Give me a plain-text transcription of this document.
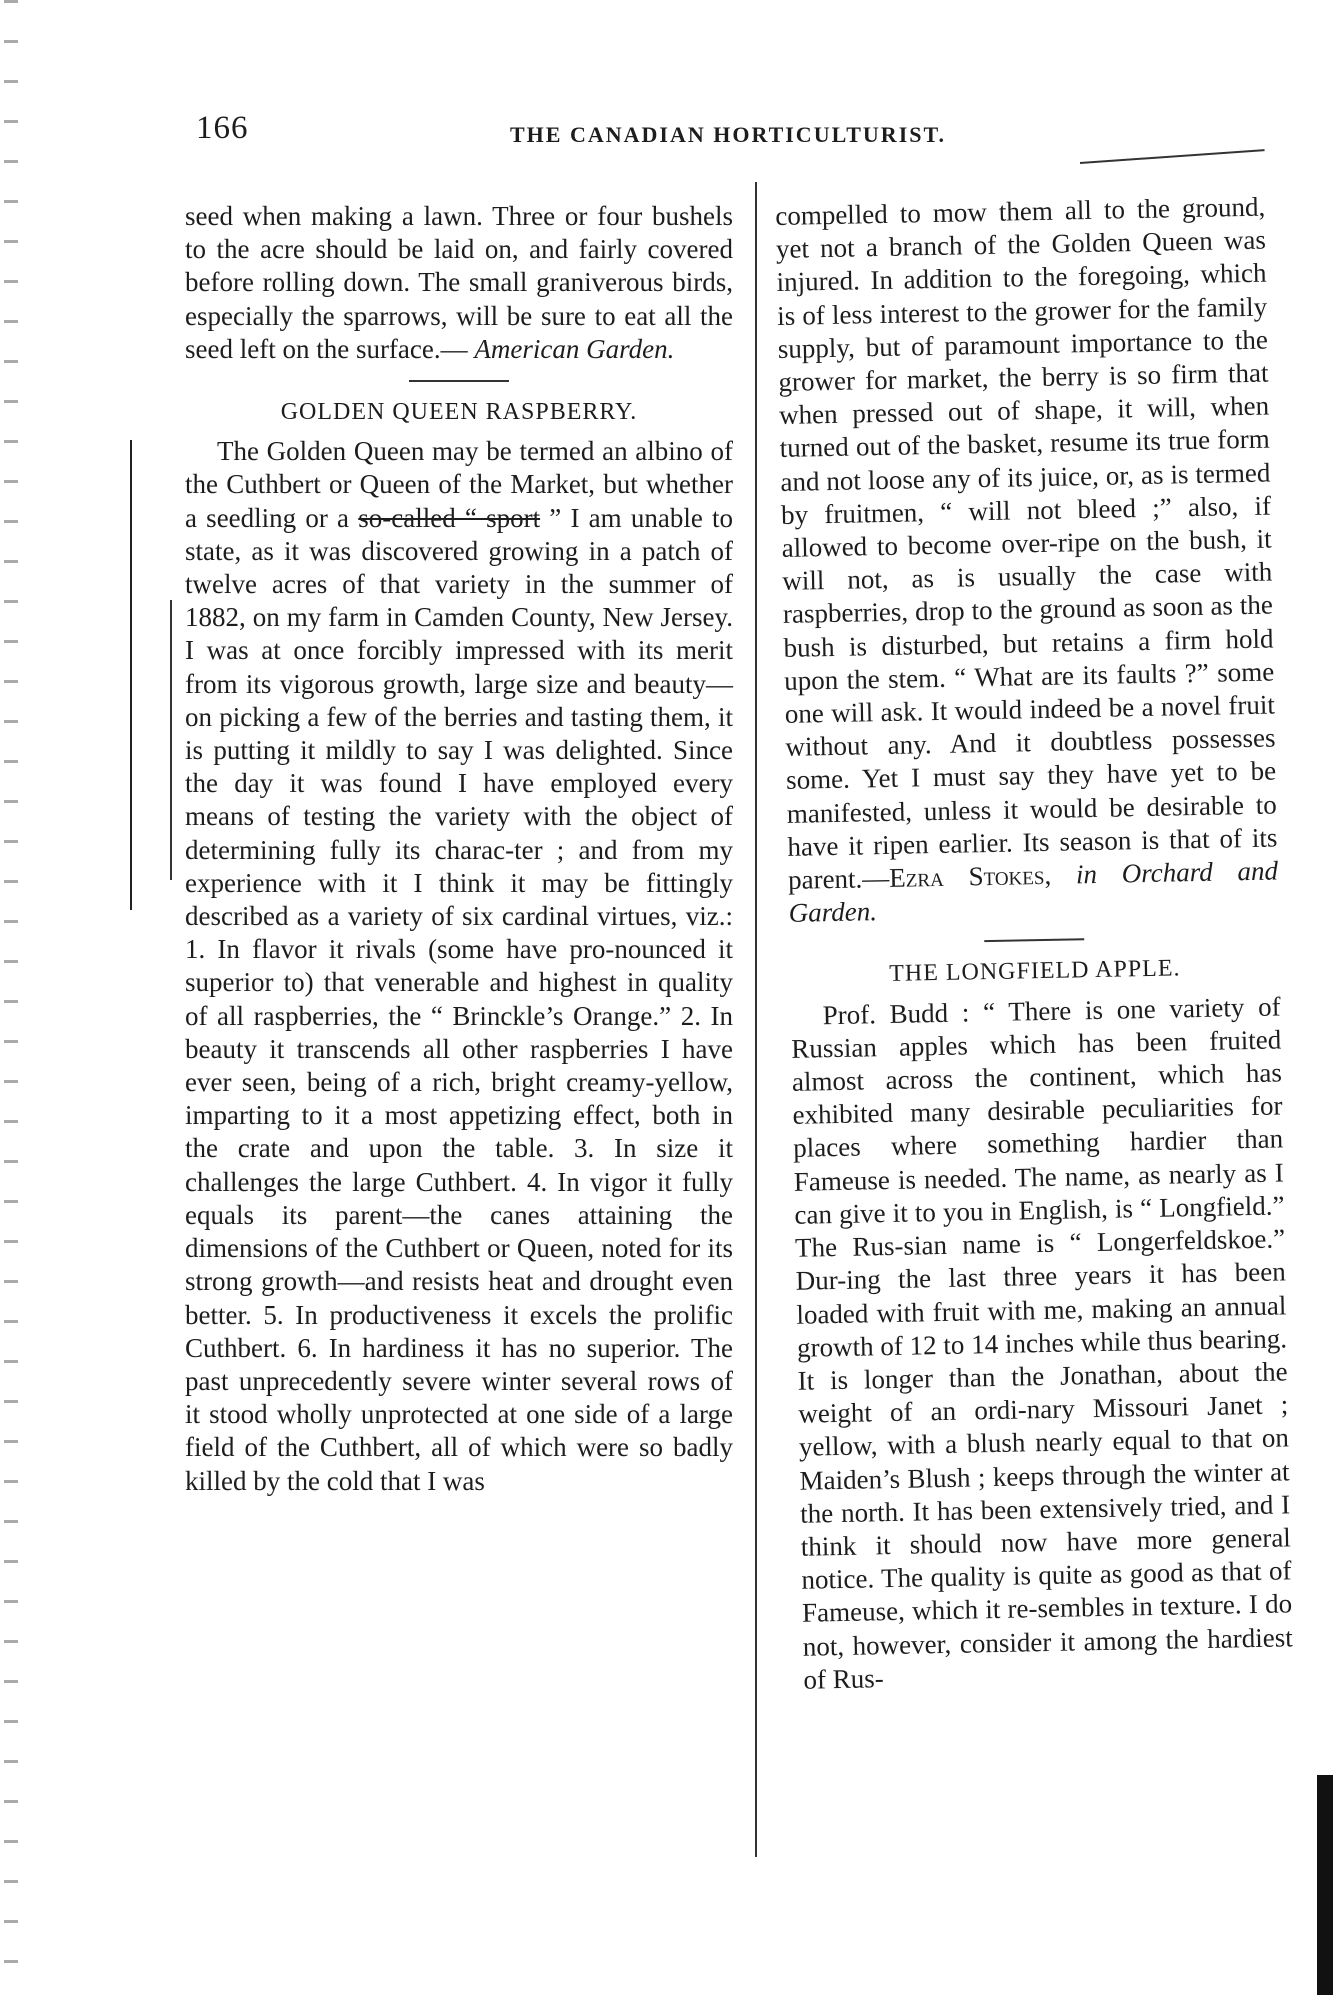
166	THE CANADIAN HORTICULTURIST.

seed when making a lawn. Three or four bushels to the acre should be laid on, and fairly covered before rolling down. The small graniverous birds, especially the sparrows, will be sure to eat all the seed left on the surface.— American Garden.

GOLDEN QUEEN RASPBERRY.

The Golden Queen may be termed an albino of the Cuthbert or Queen of the Market, but whether a seedling or a so-called “ sport ” I am unable to state, as it was discovered growing in a patch of twelve acres of that variety in the summer of 1882, on my farm in Camden County, New Jersey. I was at once forcibly impressed with its merit from its vigorous growth, large size and beauty—on picking a few of the berries and tasting them, it is putting it mildly to say I was delighted. Since the day it was found I have employed every means of testing the variety with the object of determining fully its charac-ter ; and from my experience with it I think it may be fittingly described as a variety of six cardinal virtues, viz.: 1. In flavor it rivals (some have pro-nounced it superior to) that venerable and highest in quality of all raspberries, the “ Brinckle’s Orange.” 2. In beauty it transcends all other raspberries I have ever seen, being of a rich, bright creamy-yellow, imparting to it a most appetizing effect, both in the crate and upon the table. 3. In size it challenges the large Cuthbert. 4. In vigor it fully equals its parent—the canes attaining the dimensions of the Cuthbert or Queen, noted for its strong growth—and resists heat and drought even better. 5. In productiveness it excels the prolific Cuthbert. 6. In hardiness it has no superior. The past unprecedently severe winter several rows of it stood wholly unprotected at one side of a large field of the Cuthbert, all of which were so badly killed by the cold that I was

compelled to mow them all to the ground, yet not a branch of the Golden Queen was injured. In addition to the foregoing, which is of less interest to the grower for the family supply, but of paramount importance to the grower for market, the berry is so firm that when pressed out of shape, it will, when turned out of the basket, resume its true form and not loose any of its juice, or, as is termed by fruitmen, “ will not bleed ;” also, if allowed to become over-ripe on the bush, it will not, as is usually the case with raspberries, drop to the ground as soon as the bush is disturbed, but retains a firm hold upon the stem. “ What are its faults ?” some one will ask. It would indeed be a novel fruit without any. And it doubtless possesses some. Yet I must say they have yet to be manifested, unless it would be desirable to have it ripen earlier. Its season is that of its parent.—Ezra Stokes, in Orchard and Garden.

THE LONGFIELD APPLE.

Prof. Budd : “ There is one variety of Russian apples which has been fruited almost across the continent, which has exhibited many desirable peculiarities for places where something hardier than Fameuse is needed. The name, as nearly as I can give it to you in English, is “ Longfield.” The Rus-sian name is “ Longerfeldskoe.” Dur-ing the last three years it has been loaded with fruit with me, making an annual growth of 12 to 14 inches while thus bearing. It is longer than the Jonathan, about the weight of an ordi-nary Missouri Janet ; yellow, with a blush nearly equal to that on Maiden’s Blush ; keeps through the winter at the north. It has been extensively tried, and I think it should now have more general notice. The quality is quite as good as that of Fameuse, which it re-sembles in texture. I do not, however, consider it among the hardiest of Rus-
